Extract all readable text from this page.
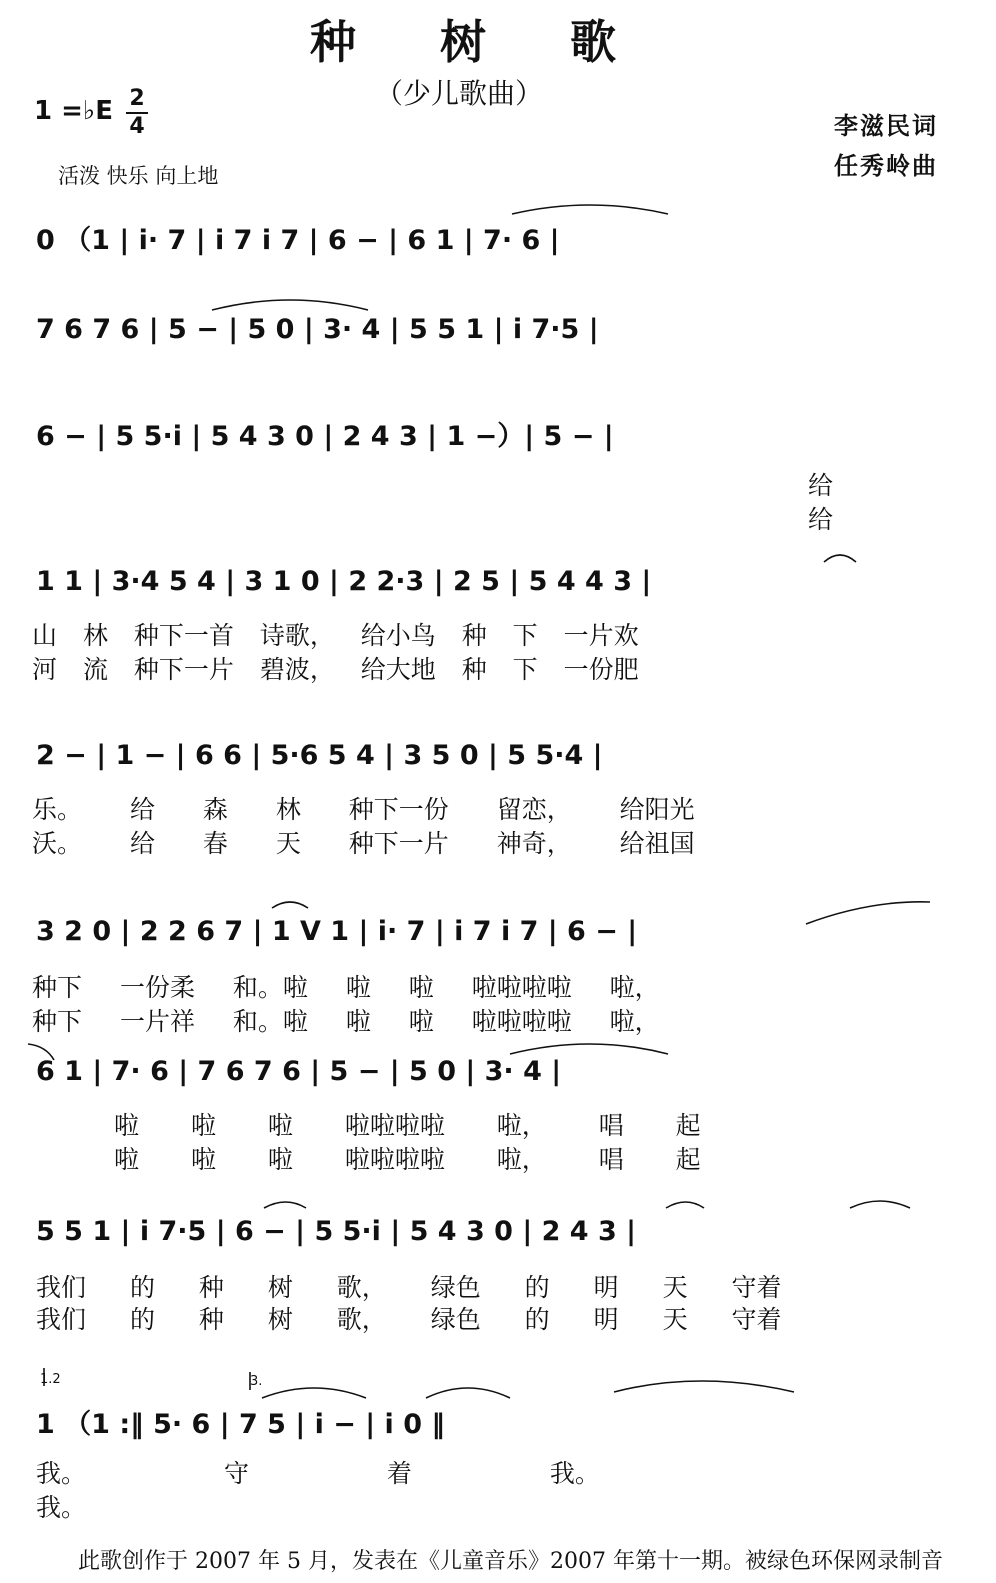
种 树 歌
（少儿歌曲）
1 =♭E 2
4	李滋民词
任秀岭曲
活泼 快乐 向上地
0 （1 | i· 7 | i 7 i 7 | 6 − | 6 1 | 7· 6 |
7 6 7 6 | 5 − | 5 0 | 3· 4 | 5 5 1 | i 7·5 |
6 − | 5 5·i | 5 4 3 0 | 2 4 3 | 1 −）| 5 − |
给
给
1 1 | 3·4 5 4 | 3 1 0 | 2 2·3 | 2 5 | 5 4 4 3 |
山 林 种下一首 诗歌， 给小鸟 种 下 一片欢
河 流 种下一片 碧波， 给大地 种 下 一份肥
2 − | 1 − | 6 6 | 5·6 5 4 | 3 5 0 | 5 5·4 |
乐。 给 森 林 种下一份 留恋， 给阳光
沃。 给 春 天 种下一片 神奇， 给祖国
3 2 0 | 2 2 6 7 | 1 V 1 | i· 7 | i 7 i 7 | 6 − |
种下 一份柔 和。啦 啦 啦 啦啦啦啦 啦，
种下 一片祥 和。啦 啦 啦 啦啦啦啦 啦，
6 1 | 7· 6 | 7 6 7 6 | 5 − | 5 0 | 3· 4 |
啦 啦 啦 啦啦啦啦 啦， 唱 起
啦 啦 啦 啦啦啦啦 啦， 唱 起
5 5 1 | i 7·5 | 6 − | 5 5·i | 5 4 3 0 | 2 4 3 |
我们 的 种 树 歌， 绿色 的 明 天 守着
我们 的 种 树 歌， 绿色 的 明 天 守着
1.2	3.
1 （1 :‖ 5· 6 | 7 5 | i − | i 0 ‖
我。 守 着 我。
我。
此歌创作于 2007 年 5 月，发表在《儿童音乐》2007 年第十一期。被绿色环保网录制音
